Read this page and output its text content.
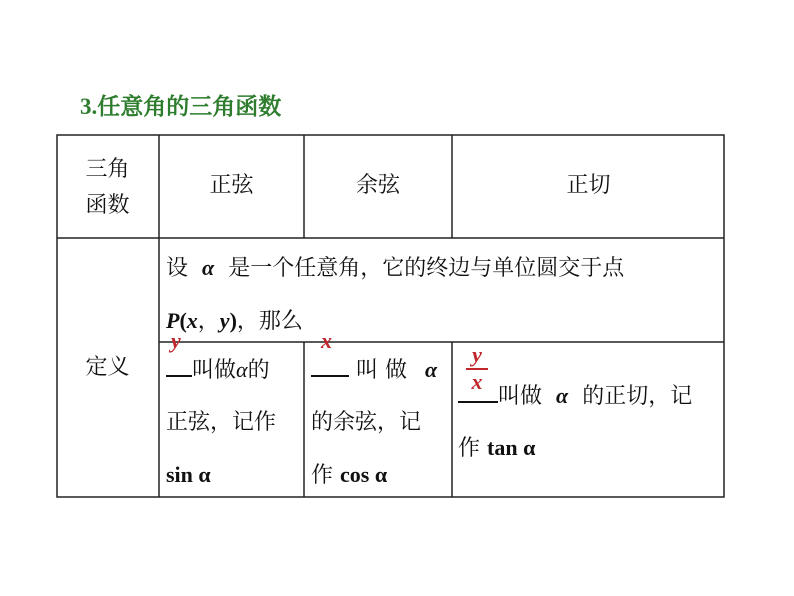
3.任意角的三角函数
三角
函数
正弦	余弦	正切
定义
设 α 是一个任意角，它的终边与单位圆交于点
P(x，y)，那么
y
叫做α的
正弦，记作
sin α
x
叫 做 α
的余弦，记
作 cos α
y
x
叫做 α 的正切，记
作 tan α
